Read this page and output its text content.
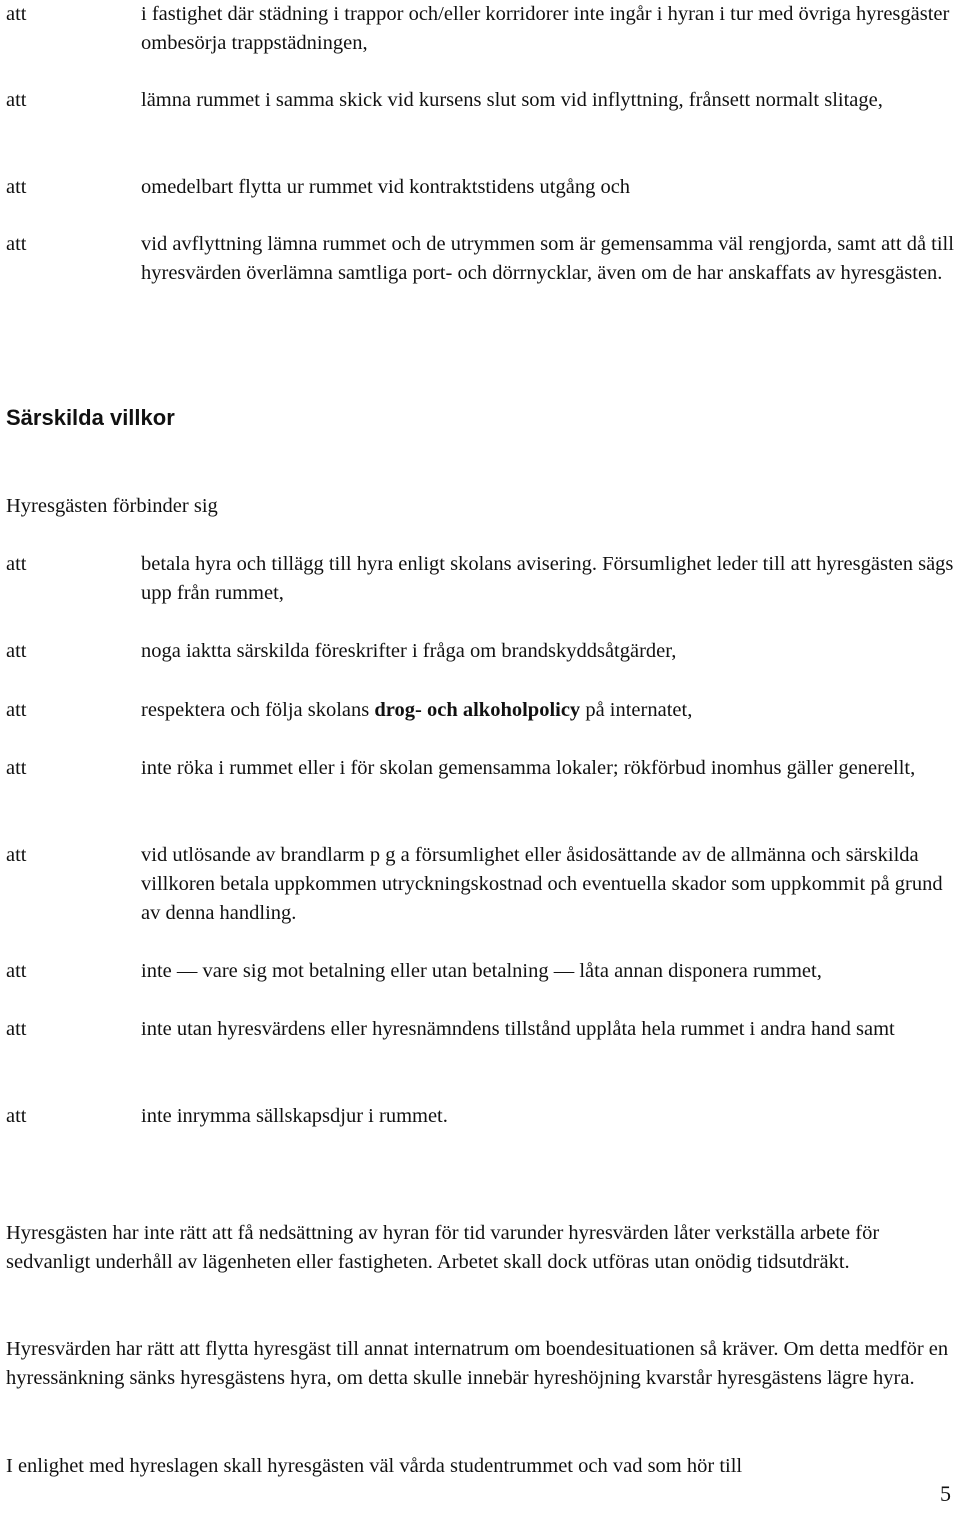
att	i fastighet där städning i trappor och/eller korridorer inte ingår i hyran i tur med övriga hyresgäster ombesörja trappstädningen,
att	lämna rummet i samma skick vid kursens slut som vid inflyttning, frånsett normalt slitage,
att	omedelbart flytta ur rummet vid kontraktstidens utgång och
att	vid avflyttning lämna rummet och de utrymmen som är gemensamma väl rengjorda, samt att då till hyresvärden överlämna samtliga port- och dörrnycklar, även om de har anskaffats av hyresgästen.
Särskilda villkor
Hyresgästen förbinder sig
att	betala hyra och tillägg till hyra enligt skolans avisering. Försumlighet leder till att hyresgästen sägs upp från rummet,
att	noga iaktta särskilda föreskrifter i fråga om brandskyddsåtgärder,
att	respektera och följa skolans drog- och alkoholpolicy på internatet,
att	inte röka i rummet eller i för skolan gemensamma lokaler; rökförbud inomhus gäller generellt,
att	vid utlösande av brandlarm p g a försumlighet eller åsidosättande av de allmänna och särskilda villkoren betala uppkommen utryckningskostnad och eventuella skador som uppkommit på grund av denna handling.
att	inte — vare sig mot betalning eller utan betalning — låta annan disponera rummet,
att	inte utan hyresvärdens eller hyresnämndens tillstånd upplåta hela rummet i andra hand samt
att	inte inrymma sällskapsdjur i rummet.
Hyresgästen har inte rätt att få nedsättning av hyran för tid varunder hyresvärden låter verkställa arbete för sedvanligt underhåll av lägenheten eller fastigheten. Arbetet skall dock utföras utan onödig tidsutdräkt.
Hyresvärden har rätt att flytta hyresgäst till annat internatrum om boendesituationen så kräver. Om detta medför en hyressänkning sänks hyresgästens hyra, om detta skulle innebär hyreshöjning kvarstår hyresgästens lägre hyra.
I enlighet med hyreslagen skall hyresgästen väl vårda studentrummet och vad som hör till
5
